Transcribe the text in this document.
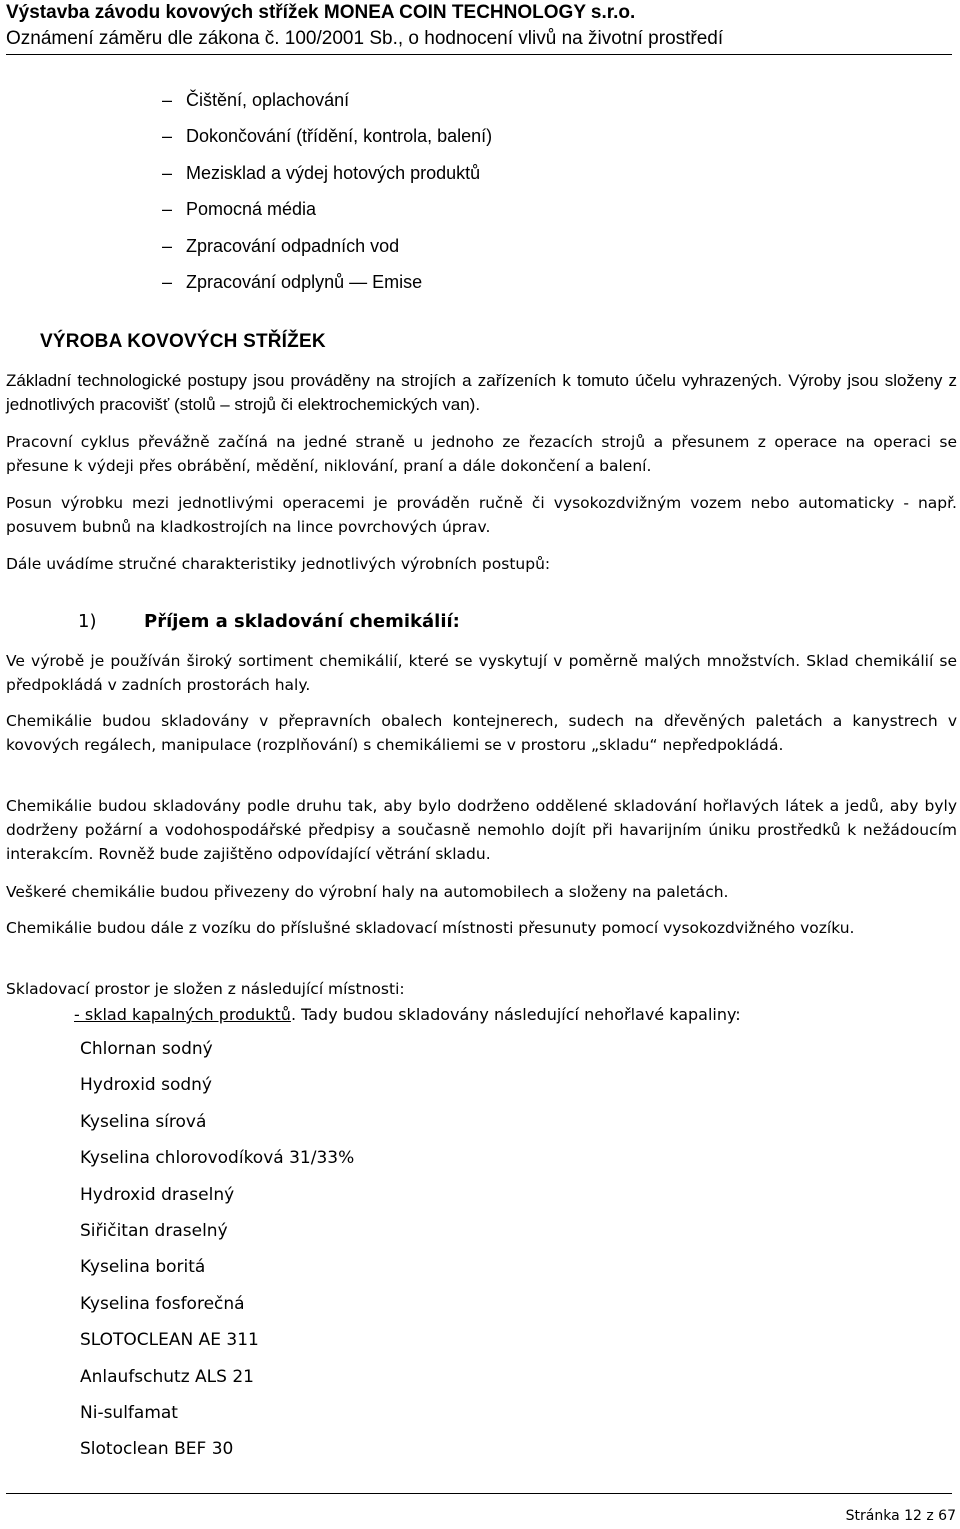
Výstavba závodu kovových střížek MONEA COIN TECHNOLOGY s.r.o.
Oznámení záměru dle zákona č. 100/2001 Sb., o hodnocení vlivů na životní prostředí
– Čištění, oplachování
– Dokončování (třídění, kontrola, balení)
– Mezisklad a výdej hotových produktů
– Pomocná média
– Zpracování odpadních vod
– Zpracování odplynů — Emise
VÝROBA KOVOVÝCH STŘÍŽEK

Základní technologické postupy jsou prováděny na strojích a zařízeních k tomuto účelu vyhrazených. Výroby jsou složeny z jednotlivých pracovišť (stolů – strojů či elektrochemických van).

Pracovní cyklus převážně začíná na jedné straně u jednoho ze řezacích strojů a přesunem z operace na operaci se přesune k výdeji přes obrábění, mědění, niklování, praní a dále dokončení a balení.

Posun výrobku mezi jednotlivými operacemi je prováděn ručně či vysokozdvižným vozem nebo automaticky - např. posuvem bubnů na kladkostrojích na lince povrchových úprav.

Dále uvádíme stručné charakteristiky jednotlivých výrobních postupů:

1)	Příjem a skladování chemikálií:

Ve výrobě je používán široký sortiment chemikálií, které se vyskytují v poměrně malých množstvích. Sklad chemikálií se předpokládá v zadních prostorách haly.

Chemikálie budou skladovány v přepravních obalech kontejnerech, sudech na dřevěných paletách a kanystrech v kovových regálech, manipulace (rozplňování) s chemikáliemi se v prostoru „skladu“ nepředpokládá.

Chemikálie budou skladovány podle druhu tak, aby bylo dodrženo oddělené skladování hořlavých látek a jedů, aby byly dodrženy požární a vodohospodářské předpisy a současně nemohlo dojít při havarijním úniku prostředků k nežádoucím interakcím. Rovněž bude zajištěno odpovídající větrání skladu.

Veškeré chemikálie budou přivezeny do výrobní haly na automobilech a složeny na paletách.

Chemikálie budou dále z vozíku do příslušné skladovací místnosti přesunuty pomocí vysokozdvižného vozíku.

Skladovací prostor je složen z následující místnosti:

- sklad kapalných produktů. Tady budou skladovány následující nehořlavé kapaliny:
Chlornan sodný
Hydroxid sodný
Kyselina sírová
Kyselina chlorovodíková 31/33%
Hydroxid draselný
Siřičitan draselný
Kyselina boritá
Kyselina fosforečná
SLOTOCLEAN AE 311
Anlaufschutz ALS 21
Ni-sulfamat
Slotoclean BEF 30
Stránka 12 z 67
